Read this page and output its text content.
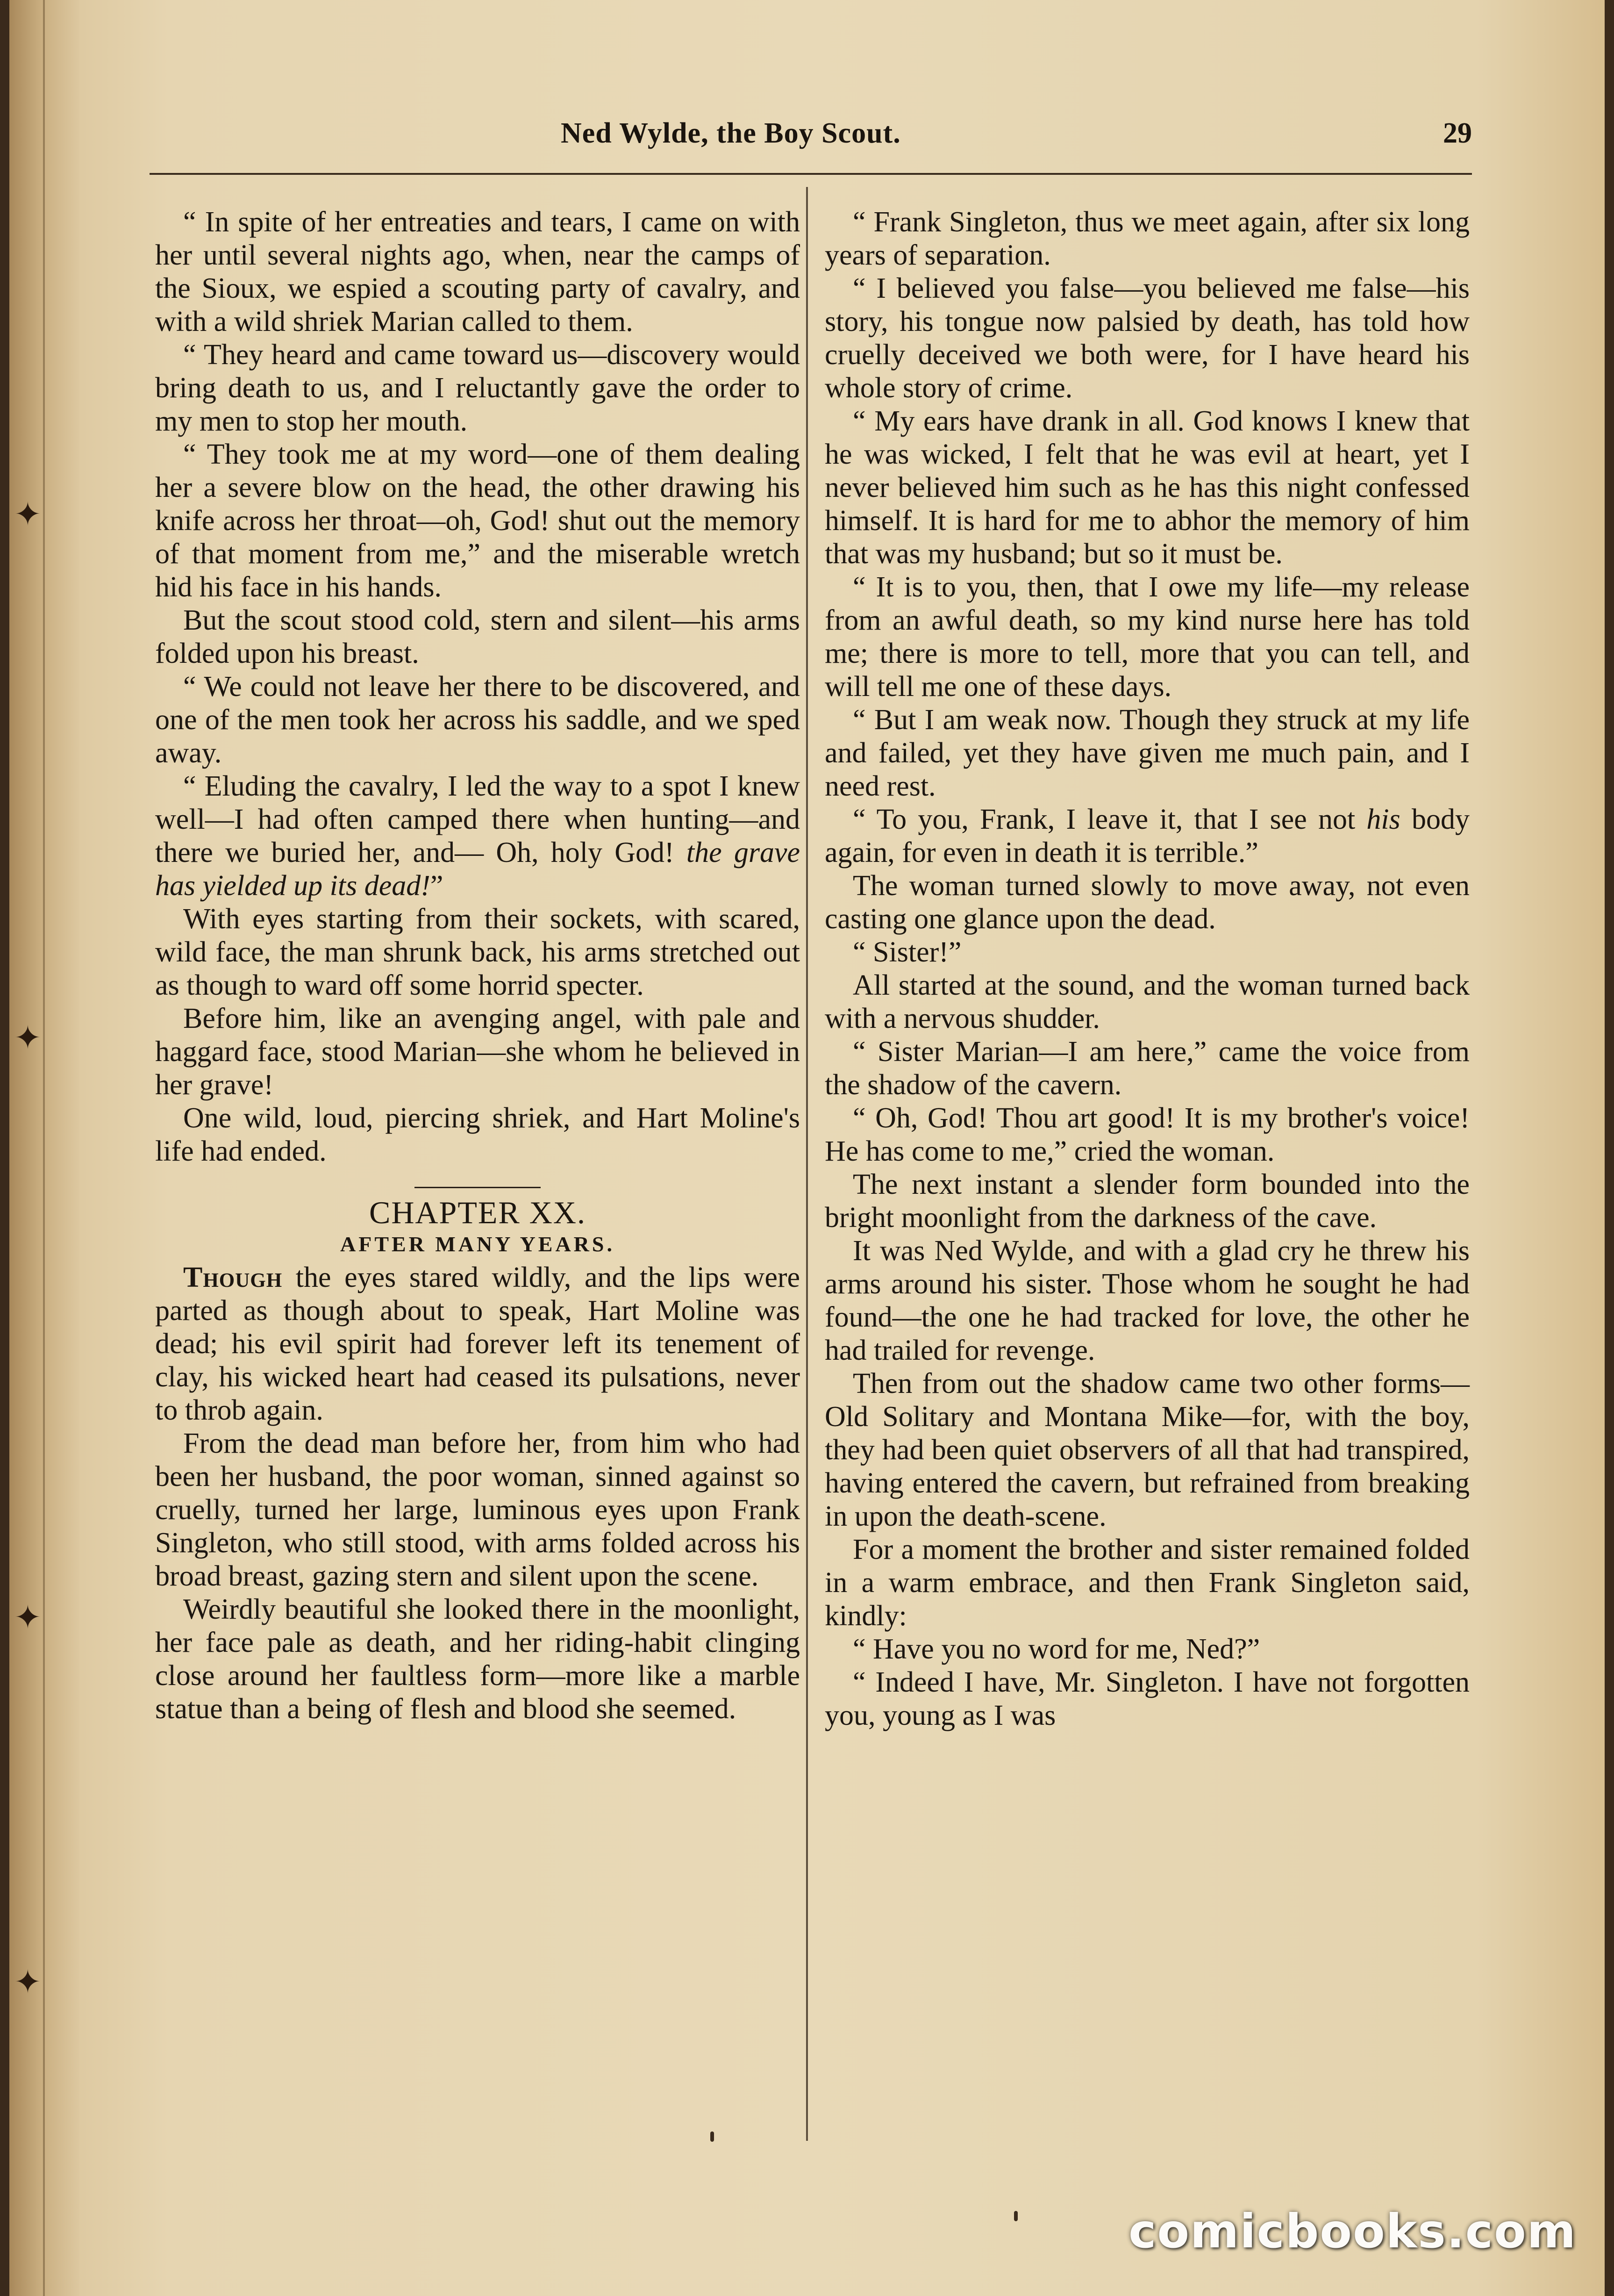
✦
✦
✦
✦
Ned Wylde, the Boy Scout.	29

“ In spite of her entreaties and tears, I came on with her until several nights ago, when, near the camps of the Sioux, we espied a scouting party of cavalry, and with a wild shriek Marian called to them.

“ They heard and came toward us—discovery would bring death to us, and I reluctantly gave the order to my men to stop her mouth.

“ They took me at my word—one of them dealing her a severe blow on the head, the other drawing his knife across her throat—oh, God! shut out the memory of that moment from me,” and the miserable wretch hid his face in his hands.

But the scout stood cold, stern and silent—his arms folded upon his breast.

“ We could not leave her there to be discovered, and one of the men took her across his saddle, and we sped away.

“ Eluding the cavalry, I led the way to a spot I knew well—I had often camped there when hunting—and there we buried her, and— Oh, holy God! the grave has yielded up its dead!”

With eyes starting from their sockets, with scared, wild face, the man shrunk back, his arms stretched out as though to ward off some horrid specter.

Before him, like an avenging angel, with pale and haggard face, stood Marian—she whom he believed in her grave!

One wild, loud, piercing shriek, and Hart Moline's life had ended.

CHAPTER XX.
AFTER MANY YEARS.

Though the eyes stared wildly, and the lips were parted as though about to speak, Hart Moline was dead; his evil spirit had forever left its tenement of clay, his wicked heart had ceased its pulsations, never to throb again.

From the dead man before her, from him who had been her husband, the poor woman, sinned against so cruelly, turned her large, luminous eyes upon Frank Singleton, who still stood, with arms folded across his broad breast, gazing stern and silent upon the scene.

Weirdly beautiful she looked there in the moonlight, her face pale as death, and her riding-habit clinging close around her faultless form—more like a marble statue than a being of flesh and blood she seemed.

“ Frank Singleton, thus we meet again, after six long years of separation.

“ I believed you false—you believed me false—his story, his tongue now palsied by death, has told how cruelly deceived we both were, for I have heard his whole story of crime.

“ My ears have drank in all. God knows I knew that he was wicked, I felt that he was evil at heart, yet I never believed him such as he has this night confessed himself. It is hard for me to abhor the memory of him that was my husband; but so it must be.

“ It is to you, then, that I owe my life—my release from an awful death, so my kind nurse here has told me; there is more to tell, more that you can tell, and will tell me one of these days.

“ But I am weak now. Though they struck at my life and failed, yet they have given me much pain, and I need rest.

“ To you, Frank, I leave it, that I see not his body again, for even in death it is terrible.”

The woman turned slowly to move away, not even casting one glance upon the dead.

“ Sister!”

All started at the sound, and the woman turned back with a nervous shudder.

“ Sister Marian—I am here,” came the voice from the shadow of the cavern.

“ Oh, God! Thou art good! It is my brother's voice! He has come to me,” cried the woman.

The next instant a slender form bounded into the bright moonlight from the darkness of the cave.

It was Ned Wylde, and with a glad cry he threw his arms around his sister. Those whom he sought he had found—the one he had tracked for love, the other he had trailed for revenge.

Then from out the shadow came two other forms—Old Solitary and Montana Mike—for, with the boy, they had been quiet observers of all that had transpired, having entered the cavern, but refrained from breaking in upon the death-scene.

For a moment the brother and sister remained folded in a warm embrace, and then Frank Singleton said, kindly:

“ Have you no word for me, Ned?”

“ Indeed I have, Mr. Singleton. I have not forgotten you, young as I was

comicbooks.com
